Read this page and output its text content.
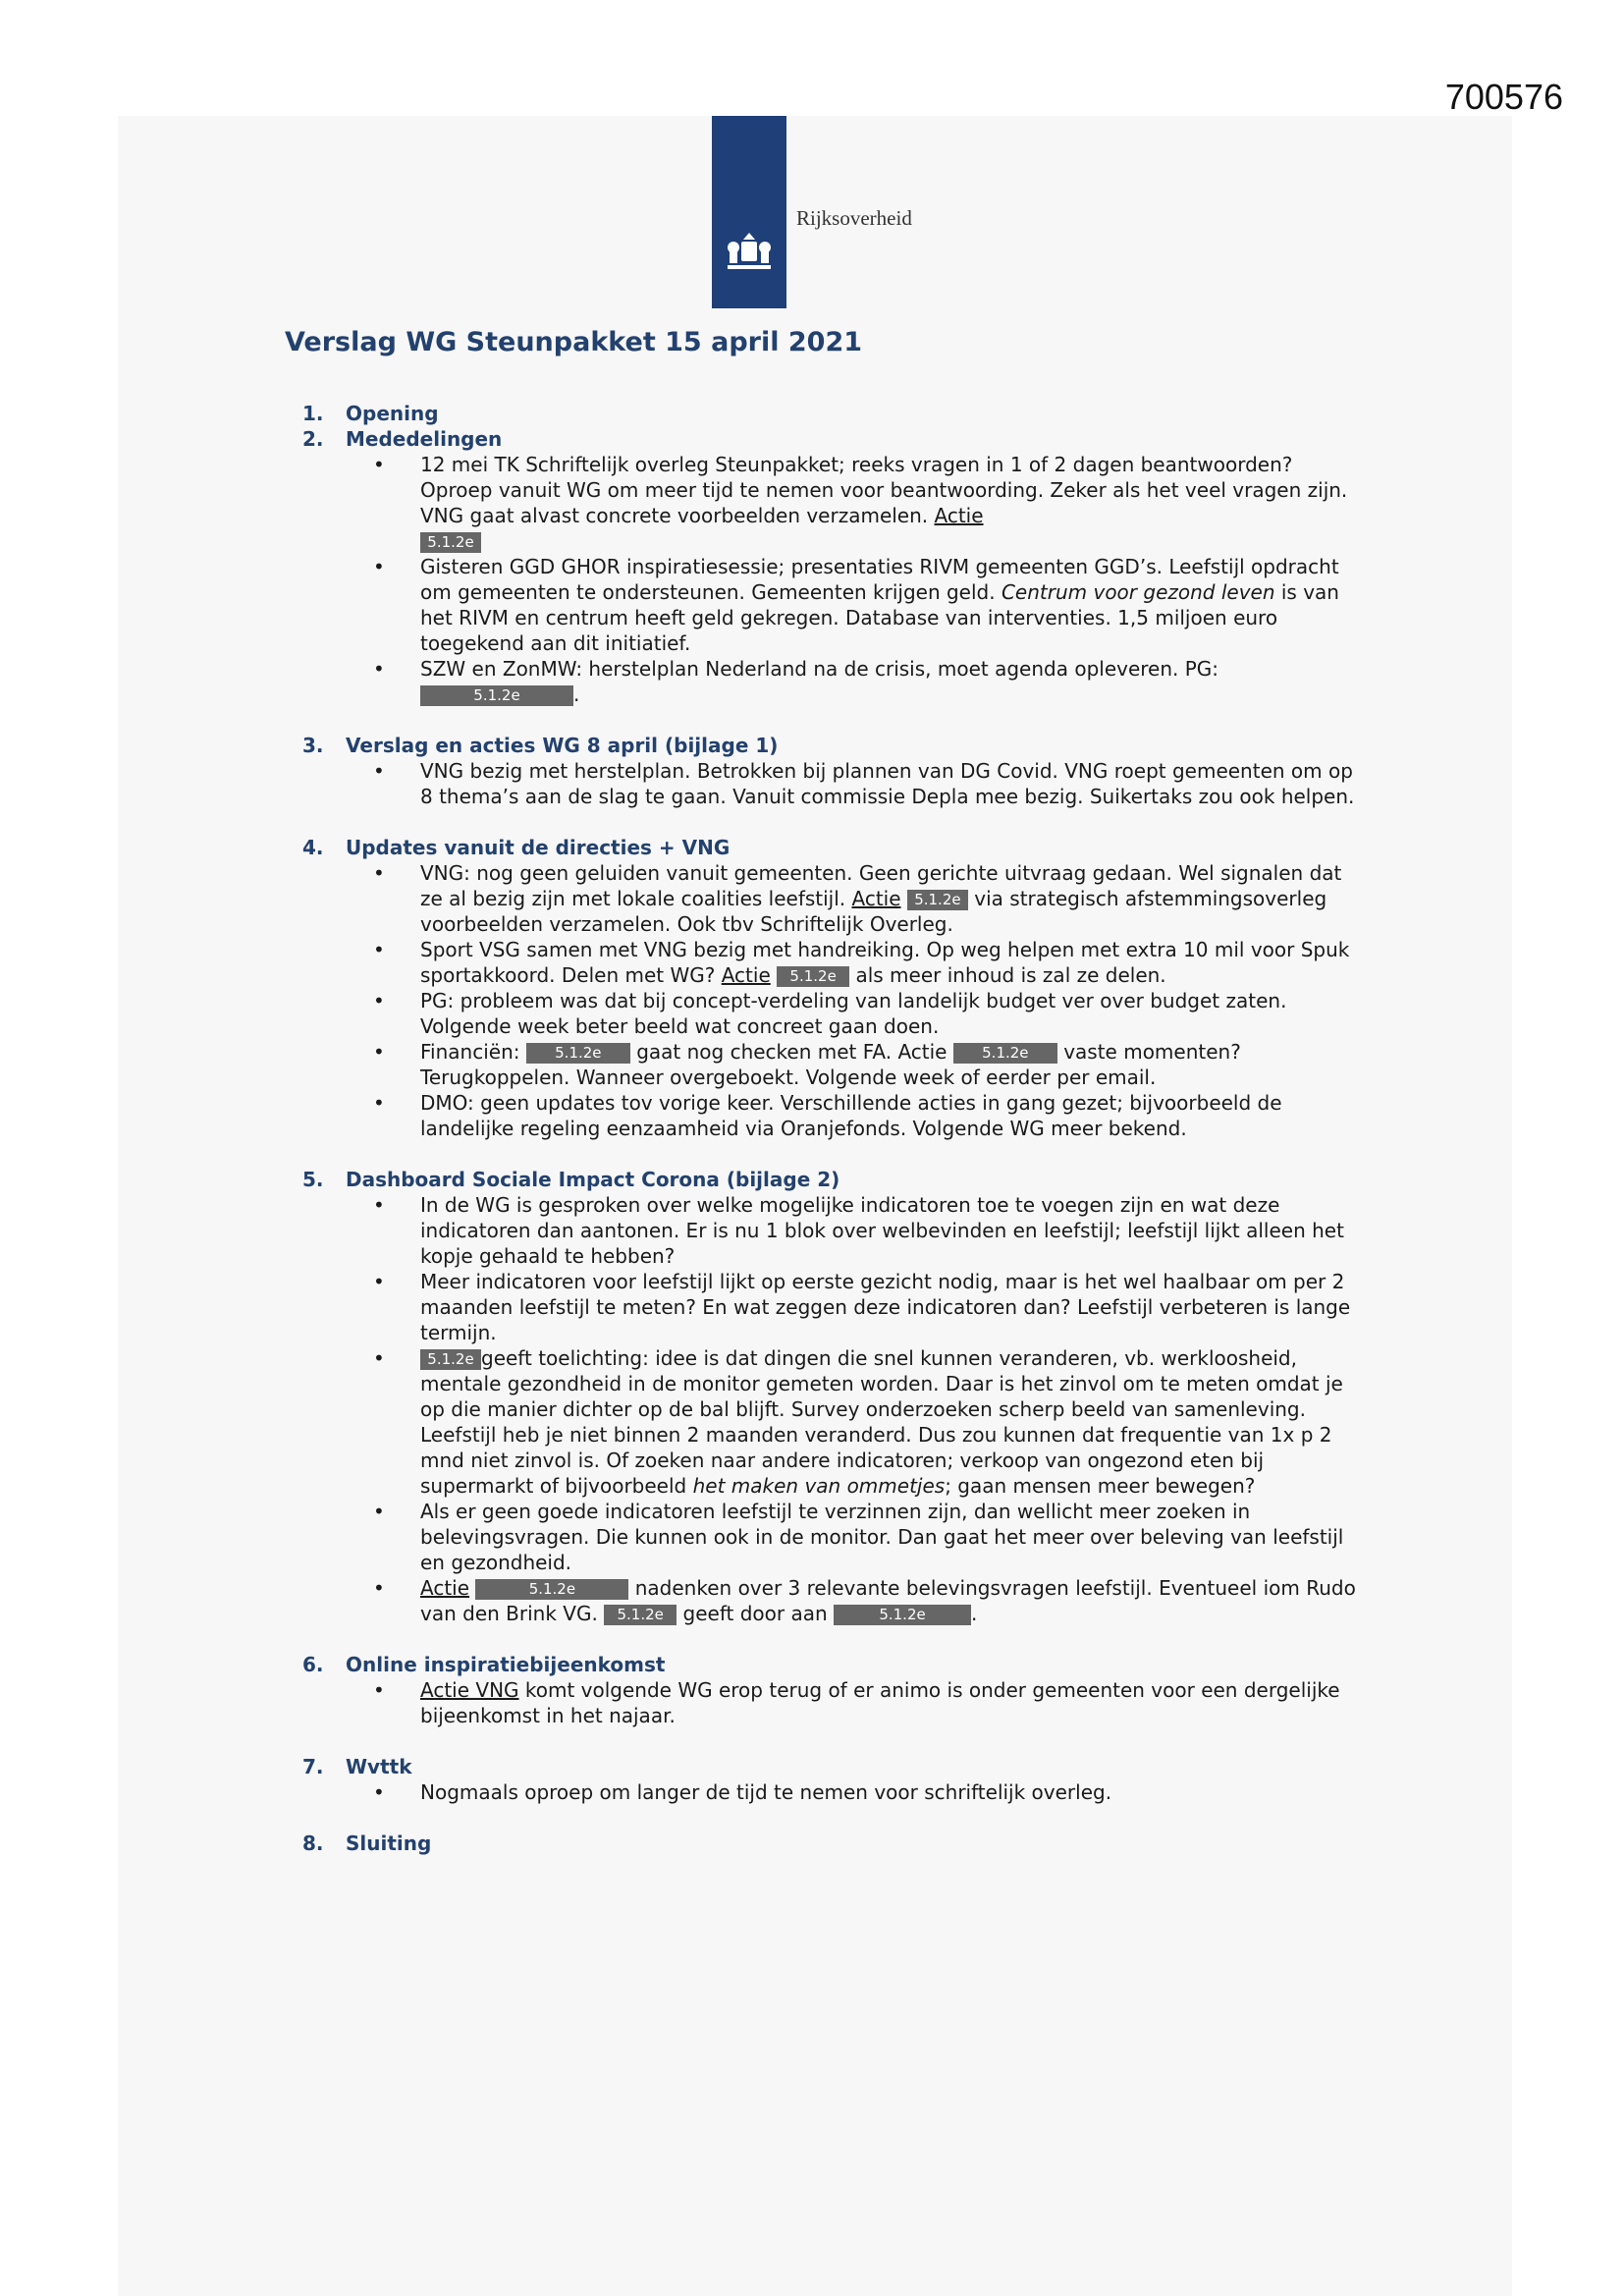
700576
Rijksoverheid
Verslag WG Steunpakket 15 april 2021
1. Opening
2. Mededelingen
• 12 mei TK Schriftelijk overleg Steunpakket; reeks vragen in 1 of 2 dagen beantwoorden? Oproep vanuit WG om meer tijd te nemen voor beantwoording. Zeker als het veel vragen zijn. VNG gaat alvast concrete voorbeelden verzamelen. Actie
5.1.2e
• Gisteren GGD GHOR inspiratiesessie; presentaties RIVM gemeenten GGD’s. Leefstijl opdracht om gemeenten te ondersteunen. Gemeenten krijgen geld. Centrum voor gezond leven is van het RIVM en centrum heeft geld gekregen. Database van interventies. 1,5 miljoen euro toegekend aan dit initiatief.
• SZW en ZonMW: herstelplan Nederland na de crisis, moet agenda opleveren. PG:
5.1.2e	.
3. Verslag en acties WG 8 april (bijlage 1)
• VNG bezig met herstelplan. Betrokken bij plannen van DG Covid. VNG roept gemeenten om op 8 thema’s aan de slag te gaan. Vanuit commissie Depla mee bezig. Suikertaks zou ook helpen.
4. Updates vanuit de directies + VNG
• VNG: nog geen geluiden vanuit gemeenten. Geen gerichte uitvraag gedaan. Wel signalen dat ze al bezig zijn met lokale coalities leefstijl. Actie 5.1.2e via strategisch afstemmingsoverleg voorbeelden verzamelen. Ook tbv Schriftelijk Overleg.
• Sport VSG samen met VNG bezig met handreiking. Op weg helpen met extra 10 mil voor Spuk sportakkoord. Delen met WG? Actie 5.1.2e als meer inhoud is zal ze delen.
• PG: probleem was dat bij concept-verdeling van landelijk budget ver over budget zaten. Volgende week beter beeld wat concreet gaan doen.
• Financiën: 5.1.2e gaat nog checken met FA. Actie 5.1.2e vaste momenten? Terugkoppelen. Wanneer overgeboekt. Volgende week of eerder per email.
• DMO: geen updates tov vorige keer. Verschillende acties in gang gezet; bijvoorbeeld de landelijke regeling eenzaamheid via Oranjefonds. Volgende WG meer bekend.
5. Dashboard Sociale Impact Corona (bijlage 2)
• In de WG is gesproken over welke mogelijke indicatoren toe te voegen zijn en wat deze indicatoren dan aantonen. Er is nu 1 blok over welbevinden en leefstijl; leefstijl lijkt alleen het kopje gehaald te hebben?
• Meer indicatoren voor leefstijl lijkt op eerste gezicht nodig, maar is het wel haalbaar om per 2 maanden leefstijl te meten? En wat zeggen deze indicatoren dan? Leefstijl verbeteren is lange termijn.
• 5.1.2e geeft toelichting: idee is dat dingen die snel kunnen veranderen, vb. werkloosheid, mentale gezondheid in de monitor gemeten worden. Daar is het zinvol om te meten omdat je op die manier dichter op de bal blijft. Survey onderzoeken scherp beeld van samenleving. Leefstijl heb je niet binnen 2 maanden veranderd. Dus zou kunnen dat frequentie van 1x p 2 mnd niet zinvol is. Of zoeken naar andere indicatoren; verkoop van ongezond eten bij supermarkt of bijvoorbeeld het maken van ommetjes; gaan mensen meer bewegen?
• Als er geen goede indicatoren leefstijl te verzinnen zijn, dan wellicht meer zoeken in belevingsvragen. Die kunnen ook in de monitor. Dan gaat het meer over beleving van leefstijl en gezondheid.
• Actie	5.1.2e	nadenken over 3 relevante belevingsvragen leefstijl. Eventueel iom Rudo van den Brink VG. 5.1.2e geeft door aan	5.1.2e .
6. Online inspiratiebijeenkomst
• Actie VNG komt volgende WG erop terug of er animo is onder gemeenten voor een dergelijke bijeenkomst in het najaar.
7. Wvttk
• Nogmaals oproep om langer de tijd te nemen voor schriftelijk overleg.
8. Sluiting
